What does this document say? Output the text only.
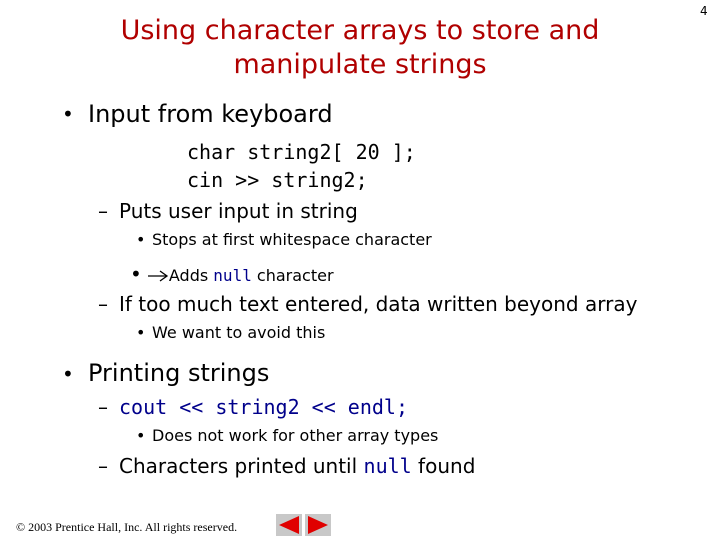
Using character arrays to store and manipulate strings
4
• Input from keyboard
char string2[ 20 ];
cin >> string2;
– Puts user input in string
• Stops at first whitespace character
• Adds null character
– If too much text entered, data written beyond array
• We want to avoid this
• Printing strings
– cout << string2 << endl;
• Does not work for other array types
– Characters printed until null found
© 2003 Prentice Hall, Inc. All rights reserved.
